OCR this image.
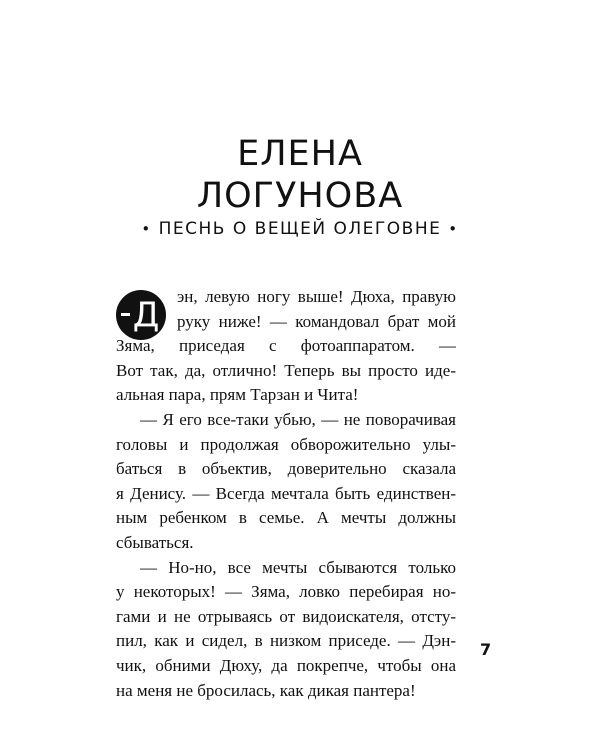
ЕЛЕНА
ЛОГУНОВА
• ПЕСНЬ О ВЕЩЕЙ ОЛЕГОВНЕ •
Д	эн, левую ногу выше! Дюха, правую
руку ниже! — командовал брат мой
Зяма, приседая с фотоаппаратом. —
Вот так, да, отлично! Теперь вы просто иде-
альная пара, прям Тарзан и Чита!
— Я его все-таки убью, — не поворачивая
головы и продолжая обворожительно улы-
баться в объектив, доверительно сказала
я Денису. — Всегда мечтала быть единствен-
ным ребенком в семье. А мечты должны
сбываться.
— Но-но, все мечты сбываются только
у некоторых! — Зяма, ловко перебирая но-
гами и не отрываясь от видоискателя, отсту-
пил, как и сидел, в низком приседе. — Дэн-
чик, обними Дюху, да покрепче, чтобы она
на меня не бросилась, как дикая пантера!
7
